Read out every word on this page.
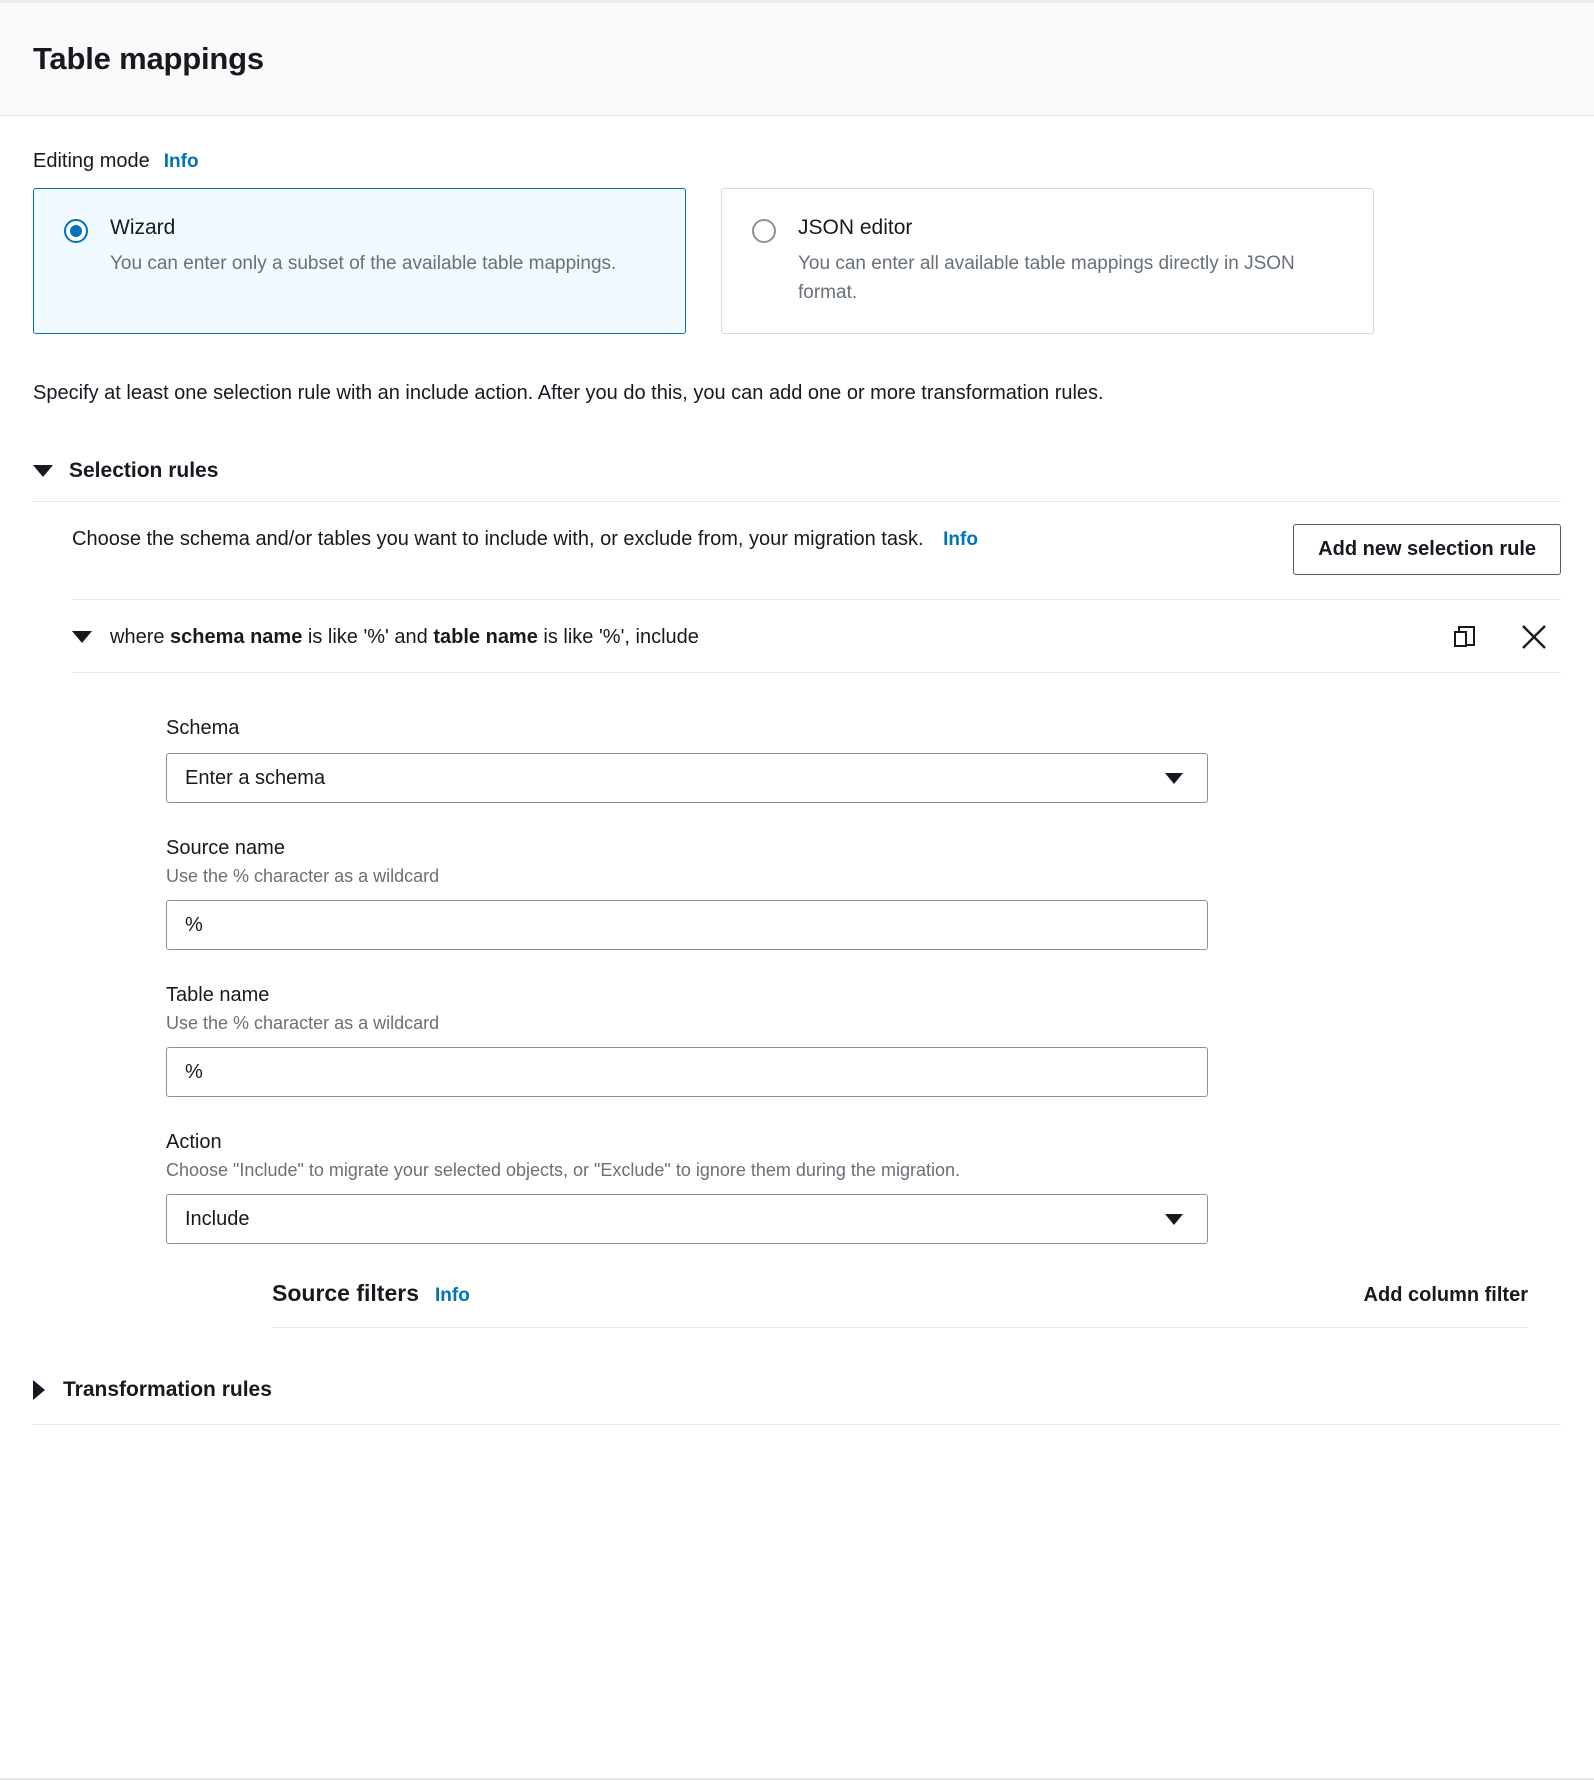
Table mappings
Editing mode Info
Wizard
You can enter only a subset of the available table mappings.
JSON editor
You can enter all available table mappings directly in JSON format.
Specify at least one selection rule with an include action. After you do this, you can add one or more transformation rules.
Selection rules
Choose the schema and/or tables you want to include with, or exclude from, your migration task. Info	Add new selection rule
where schema name is like '%' and table name is like '%', include
Schema
Enter a schema
Source name
Use the % character as a wildcard
%
Table name
Use the % character as a wildcard
%
Action
Choose "Include" to migrate your selected objects, or "Exclude" to ignore them during the migration.
Include
Source filters Info	Add column filter
Transformation rules
